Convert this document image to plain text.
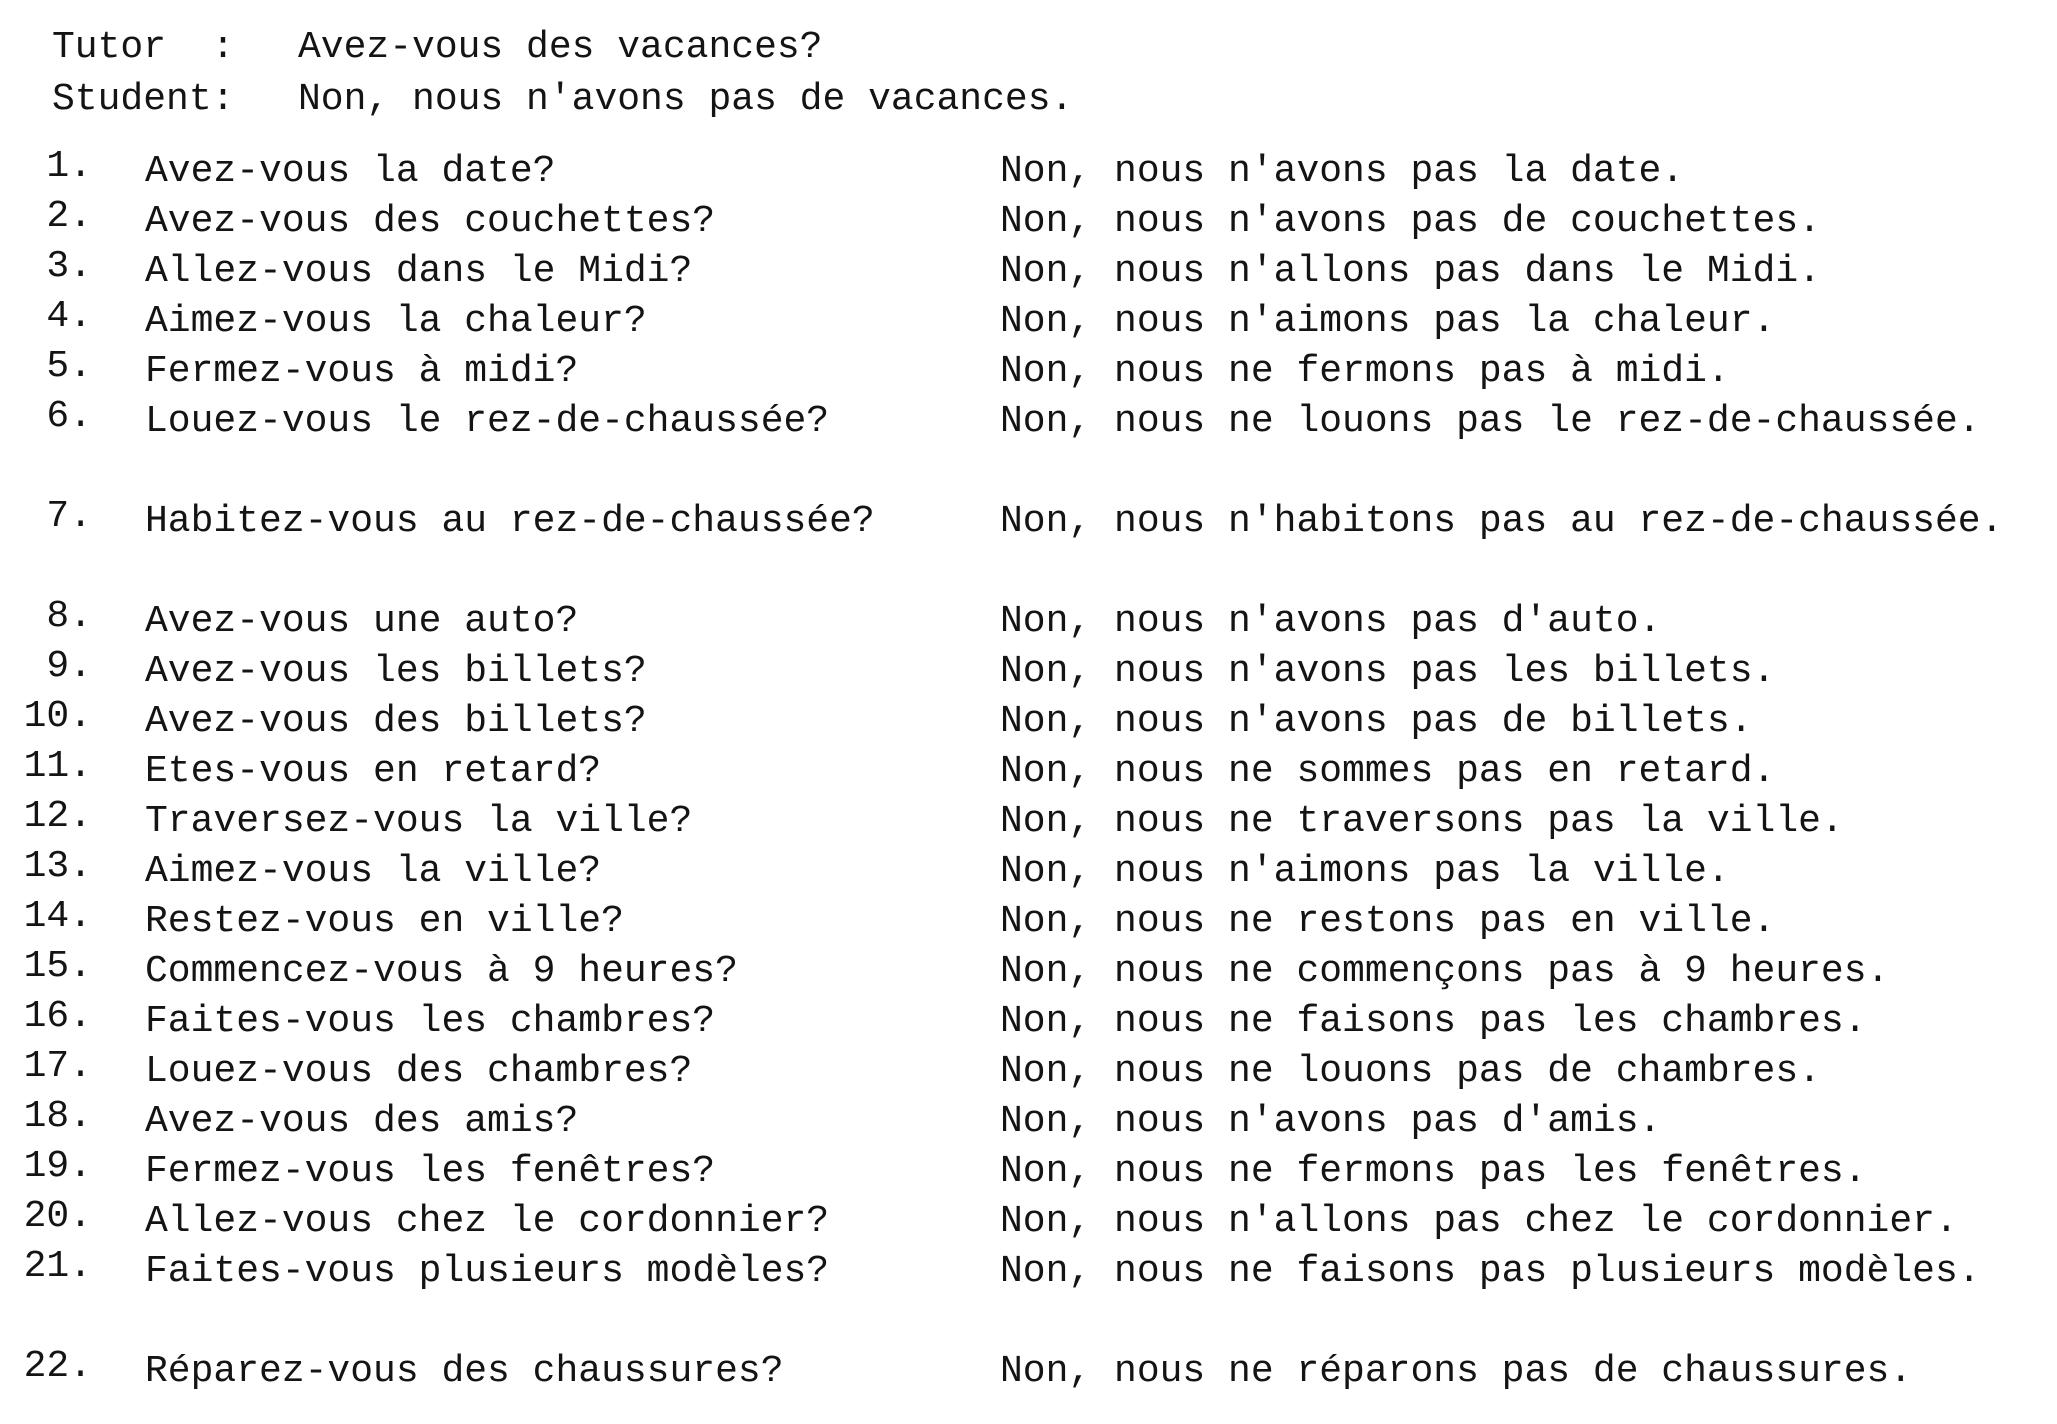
Tutor  :	Avez-vous des vacances?
Student:	Non, nous n'avons pas de vacances.
1. Avez-vous la date?	Non, nous n'avons pas la date.
2. Avez-vous des couchettes?	Non, nous n'avons pas de couchettes.
3. Allez-vous dans le Midi?	Non, nous n'allons pas dans le Midi.
4. Aimez-vous la chaleur?	Non, nous n'aimons pas la chaleur.
5. Fermez-vous à midi?	Non, nous ne fermons pas à midi.
6. Louez-vous le rez-de-chaussée?	Non, nous ne louons pas le rez-de-chaussée.
7. Habitez-vous au rez-de-chaussée?	Non, nous n'habitons pas au rez-de-chaussée.
8. Avez-vous une auto?	Non, nous n'avons pas d'auto.
9. Avez-vous les billets?	Non, nous n'avons pas les billets.
10. Avez-vous des billets?	Non, nous n'avons pas de billets.
11. Etes-vous en retard?	Non, nous ne sommes pas en retard.
12. Traversez-vous la ville?	Non, nous ne traversons pas la ville.
13. Aimez-vous la ville?	Non, nous n'aimons pas la ville.
14. Restez-vous en ville?	Non, nous ne restons pas en ville.
15. Commencez-vous à 9 heures?	Non, nous ne commençons pas à 9 heures.
16. Faites-vous les chambres?	Non, nous ne faisons pas les chambres.
17. Louez-vous des chambres?	Non, nous ne louons pas de chambres.
18. Avez-vous des amis?	Non, nous n'avons pas d'amis.
19. Fermez-vous les fenêtres?	Non, nous ne fermons pas les fenêtres.
20. Allez-vous chez le cordonnier?	Non, nous n'allons pas chez le cordonnier.
21. Faites-vous plusieurs modèles?	Non, nous ne faisons pas plusieurs modèles.
22. Réparez-vous des chaussures?	Non, nous ne réparons pas de chaussures.
